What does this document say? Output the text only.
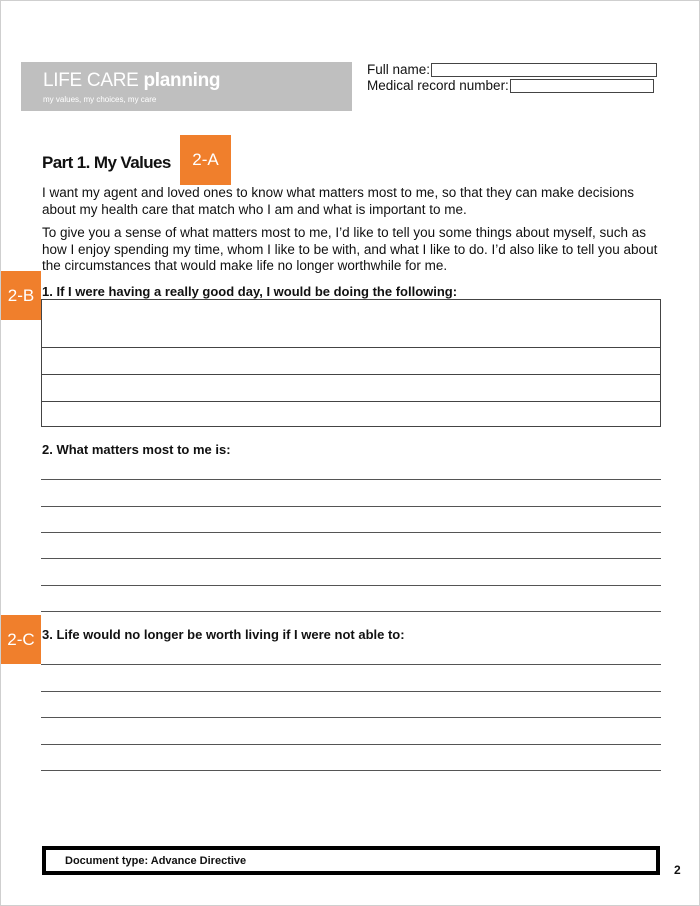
LIFE CARE planning
my values, my choices, my care
Full name:
Medical record number:
Part 1. My Values	2-A
I want my agent and loved ones to know what matters most to me, so that they can make decisions about my health care that match who I am and what is important to me.
To give you a sense of what matters most to me, I’d like to tell you some things about myself, such as how I enjoy spending my time, whom I like to be with, and what I like to do. I’d also like to tell you about the circumstances that would make life no longer worthwhile for me.
2-B 1. If I were having a really good day, I would be doing the following:
2. What matters most to me is:
2-C 3. Life would no longer be worth living if I were not able to:
Document type: Advance Directive
2
